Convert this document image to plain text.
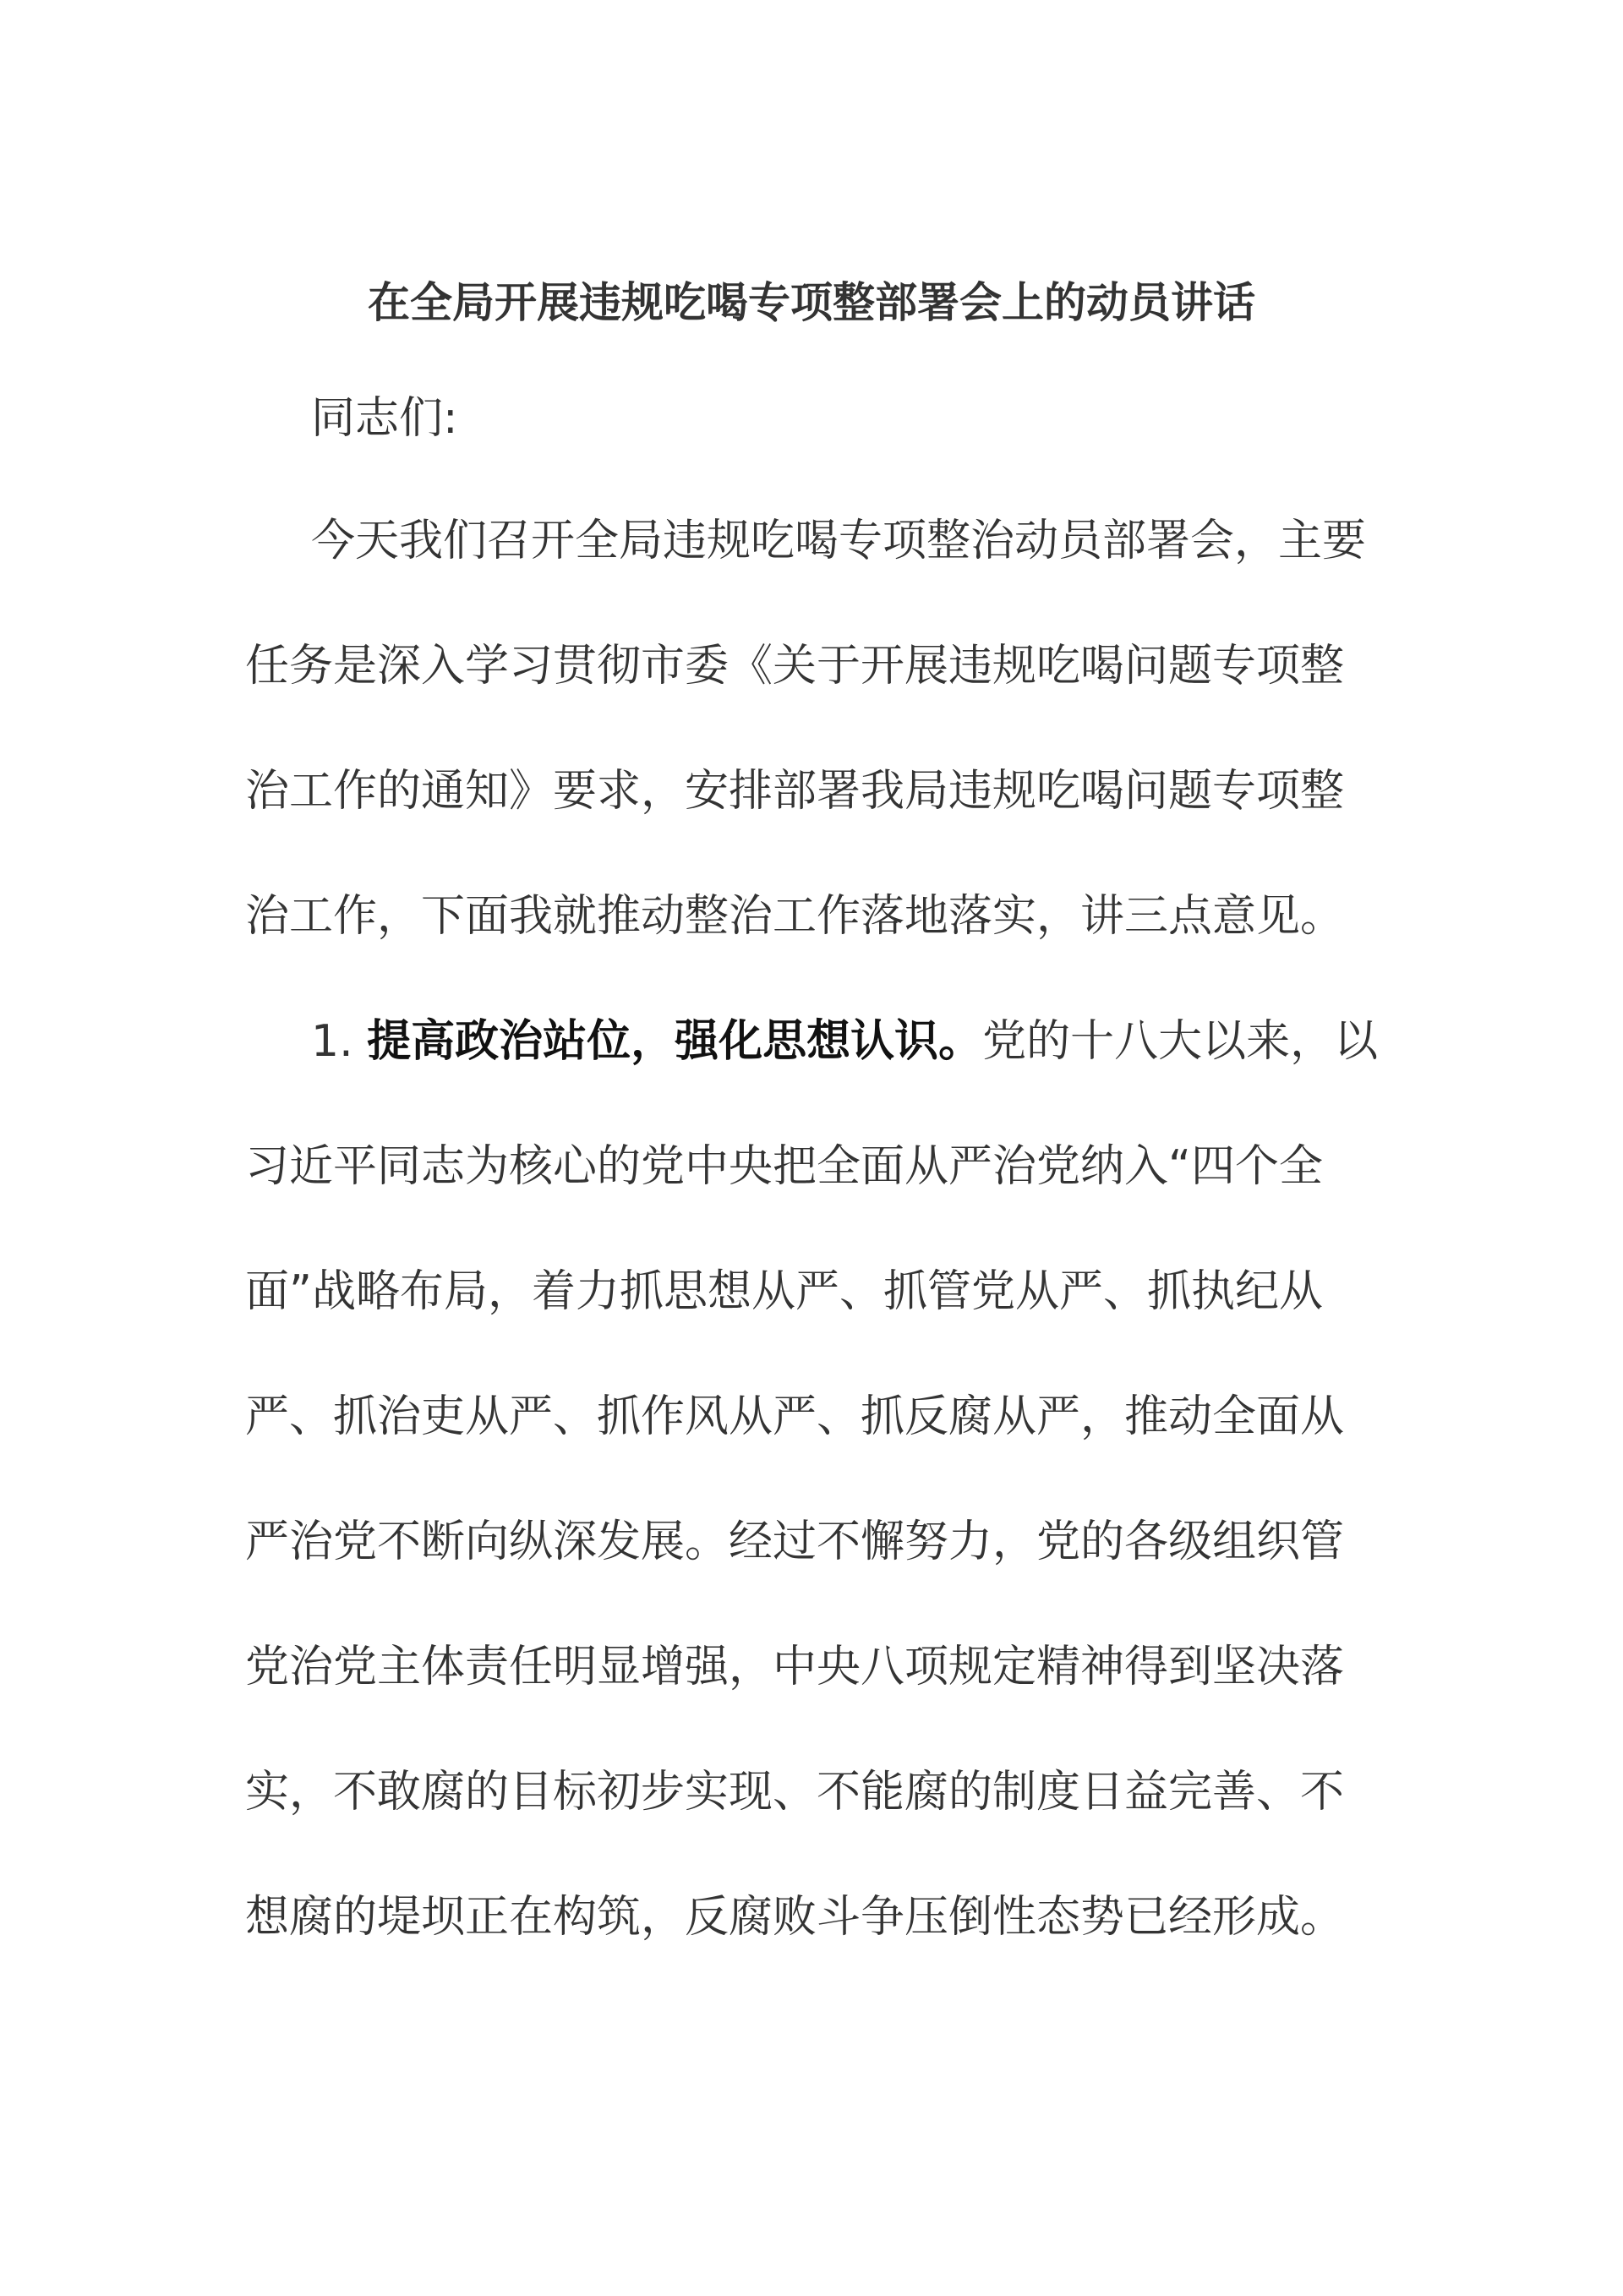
在全局开展违规吃喝专项整部署会上的动员讲话
同志们:
今天我们召开全局违规吃喝专项整治动员部署会，主要
任务是深入学习贯彻市委《关于开展违规吃喝问题专项整
治工作的通知》要求，安排部署我局违规吃喝问题专项整
治工作，下面我就推动整治工作落地落实，讲三点意见。
1. 提高政治站位，强化思想认识。党的十八大以来，以
习近平同志为核心的党中央把全面从严治党纳入“四个全
面”战略布局，着力抓思想从严、抓管党从严、抓执纪从
严、抓治吏从严、抓作风从严、抓反腐从严，推动全面从
严治党不断向纵深发展。经过不懈努力，党的各级组织管
党治党主体责任明显增强，中央八项规定精神得到坚决落
实，不敢腐的目标初步实现、不能腐的制度日益完善、不
想腐的堤坝正在构筑，反腐败斗争压倒性态势已经形成。
